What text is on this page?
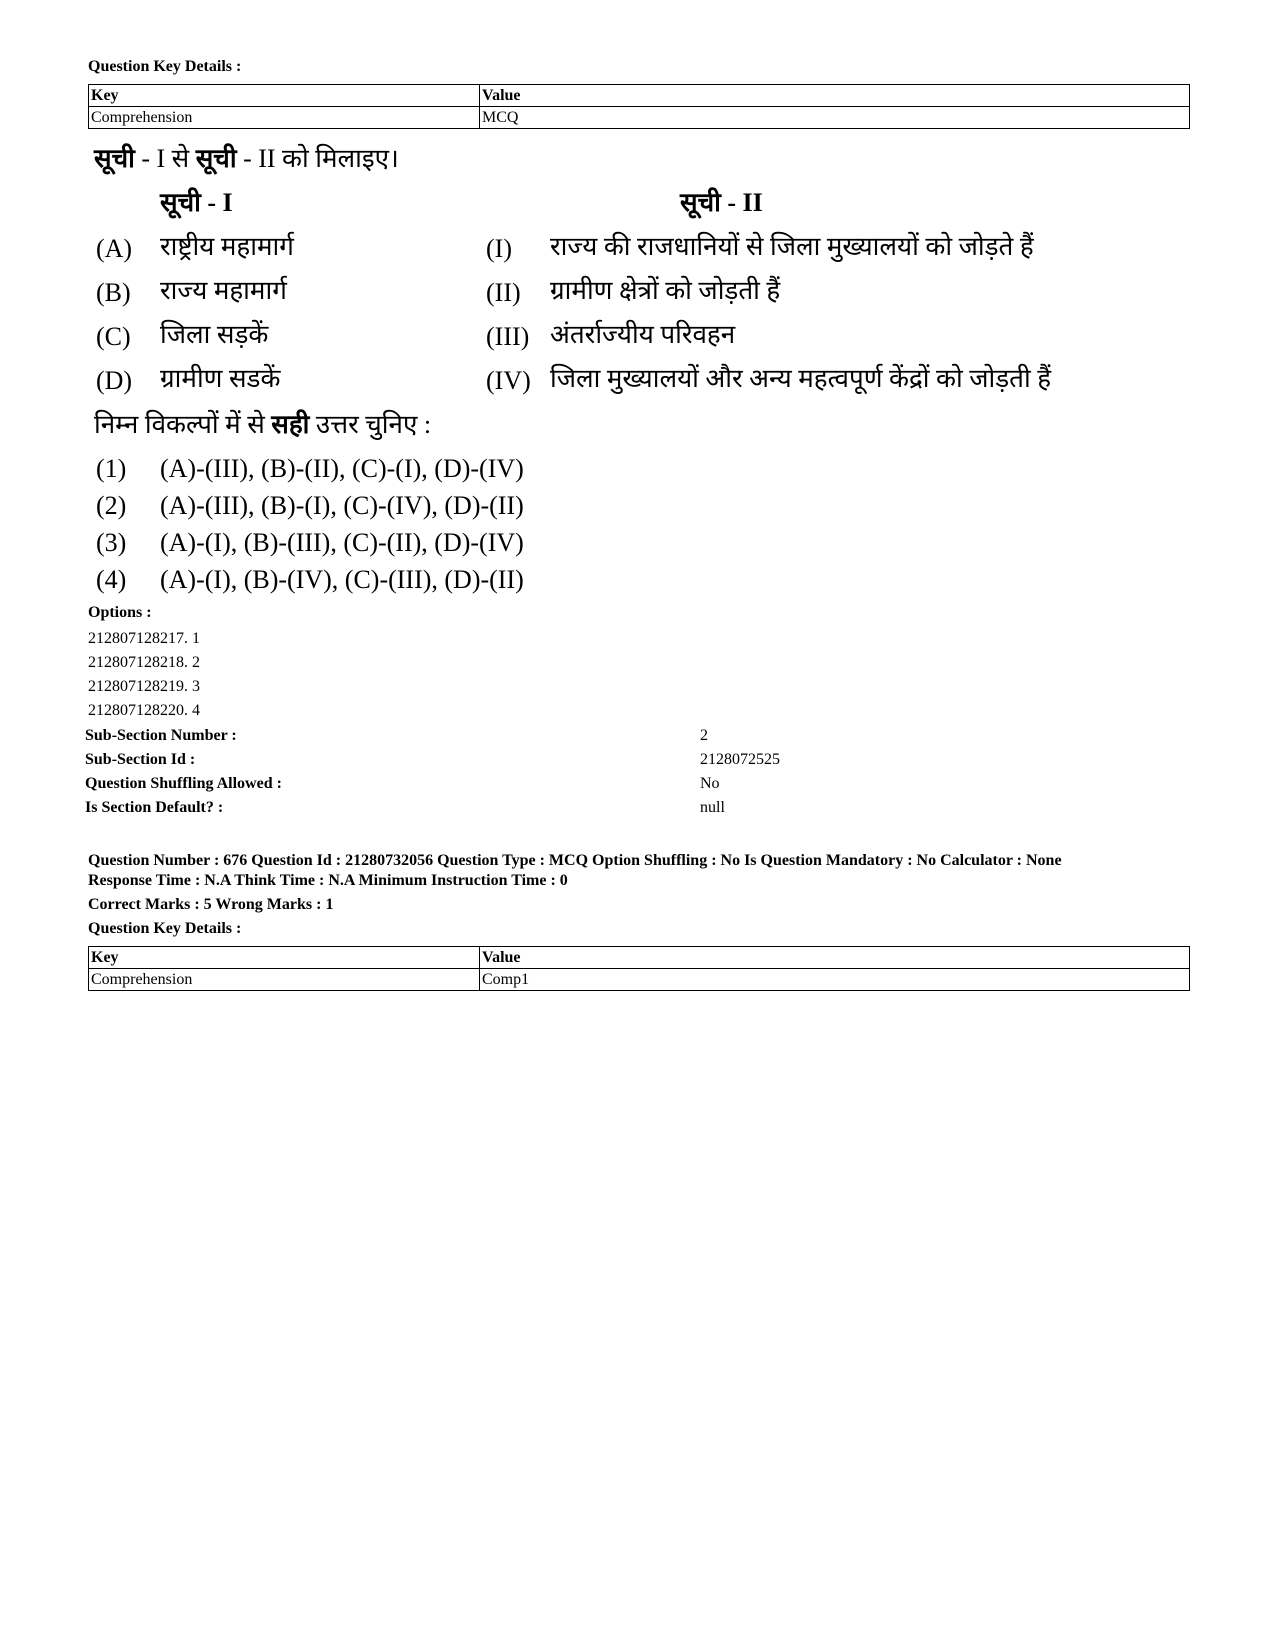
Question Key Details :
Key	Value
Comprehension	MCQ
सूची - I से सूची - II को मिलाइए।
सूची - I	सूची - II
(A) राष्ट्रीय महामार्ग	(I) राज्य की राजधानियों से जिला मुख्यालयों को जोड़ते हैं
(B) राज्य महामार्ग	(II) ग्रामीण क्षेत्रों को जोड़ती हैं
(C) जिला सड़कें	(III) अंतर्राज्यीय परिवहन
(D) ग्रामीण सडकें	(IV) जिला मुख्यालयों और अन्य महत्वपूर्ण केंद्रों को जोड़ती हैं
निम्न विकल्पों में से सही उत्तर चुनिए :
(1) (A)-(III), (B)-(II), (C)-(I), (D)-(IV)
(2) (A)-(III), (B)-(I), (C)-(IV), (D)-(II)
(3) (A)-(I), (B)-(III), (C)-(II), (D)-(IV)
(4) (A)-(I), (B)-(IV), (C)-(III), (D)-(II)
Options :
212807128217. 1
212807128218. 2
212807128219. 3
212807128220. 4
Sub-Section Number :	2
Sub-Section Id :	2128072525
Question Shuffling Allowed :	No
Is Section Default? :	null
Question Number : 676 Question Id : 21280732056 Question Type : MCQ Option Shuffling : No Is Question Mandatory : No Calculator : None
Response Time : N.A Think Time : N.A Minimum Instruction Time : 0
Correct Marks : 5 Wrong Marks : 1
Question Key Details :
Key	Value
Comprehension	Comp1
